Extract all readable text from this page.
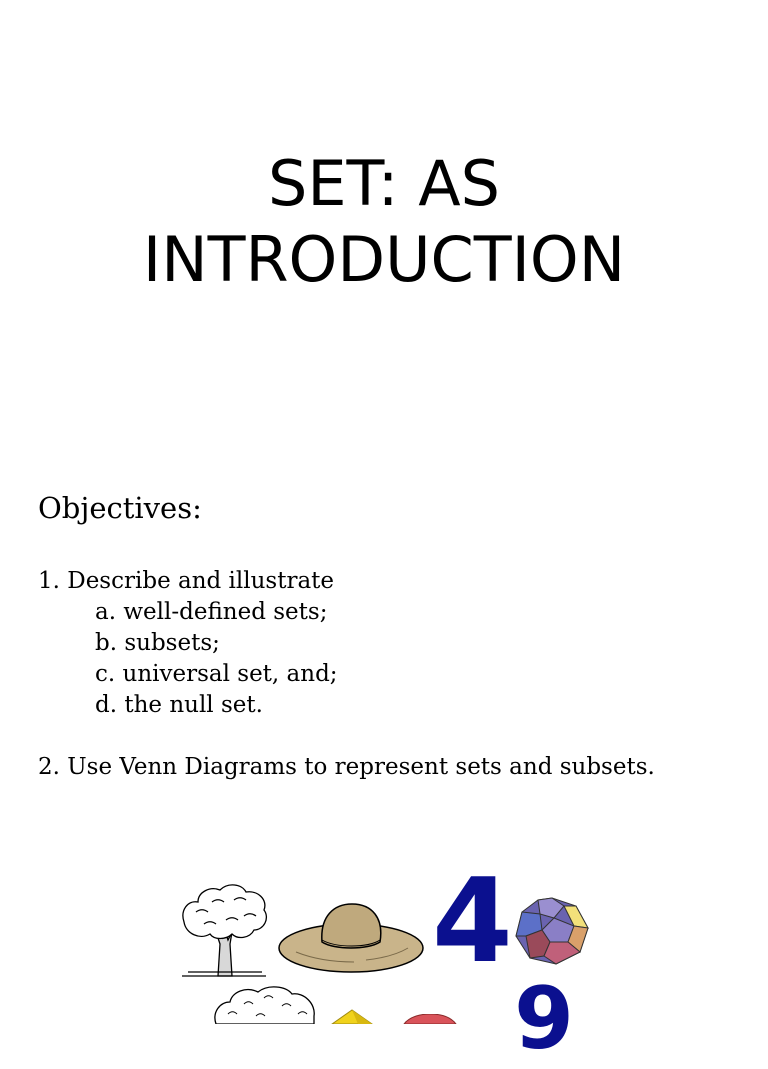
SET: AS
INTRODUCTION
Objectives:
1. Describe and illustrate
a. well-defined sets;
b. subsets;
c. universal set, and;
d. the null set.
2. Use Venn Diagrams to represent sets and subsets.
4
9
